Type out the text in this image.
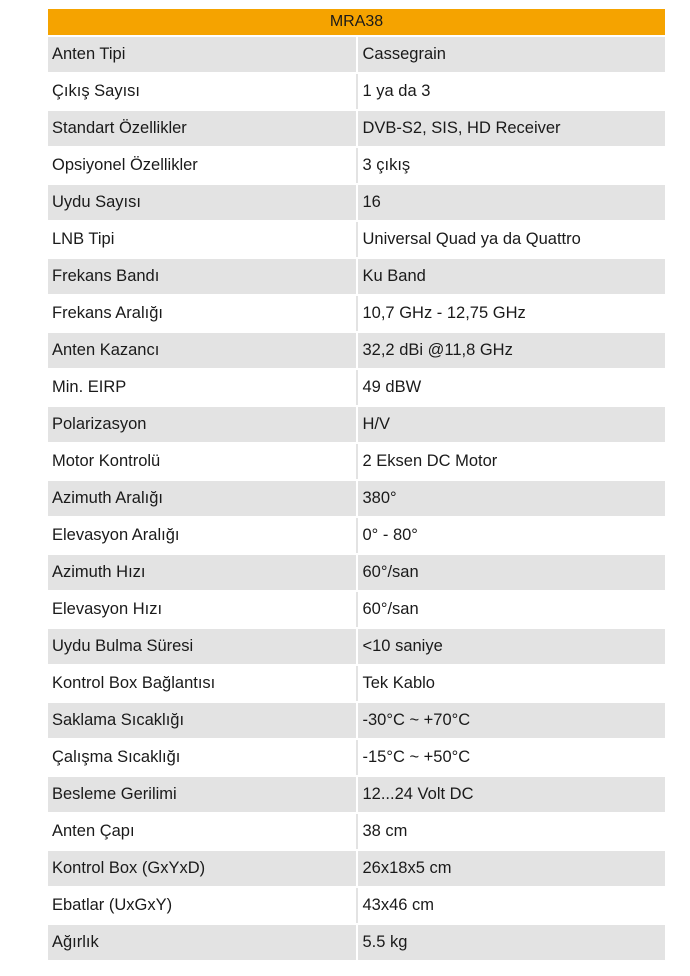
MRA38	
Anten Tipi	Cassegrain
Çıkış Sayısı	1 ya da 3
Standart Özellikler	DVB-S2, SIS, HD Receiver
Opsiyonel Özellikler	3 çıkış
Uydu Sayısı	16
LNB Tipi	Universal Quad ya da Quattro
Frekans Bandı	Ku Band
Frekans Aralığı	10,7 GHz - 12,75 GHz
Anten Kazancı	32,2 dBi @11,8 GHz
Min. EIRP	49 dBW
Polarizasyon	H/V
Motor Kontrolü	2 Eksen DC Motor
Azimuth Aralığı	380°
Elevasyon Aralığı	0° - 80°
Azimuth Hızı	60°/san
Elevasyon Hızı	60°/san
Uydu Bulma Süresi	<10 saniye
Kontrol Box Bağlantısı	Tek Kablo
Saklama Sıcaklığı	-30°C ~ +70°C
Çalışma Sıcaklığı	-15°C ~ +50°C
Besleme Gerilimi	12...24 Volt DC
Anten Çapı	38 cm
Kontrol Box (GxYxD)	26x18x5 cm
Ebatlar (UxGxY)	43x46 cm
Ağırlık	5.5 kg
